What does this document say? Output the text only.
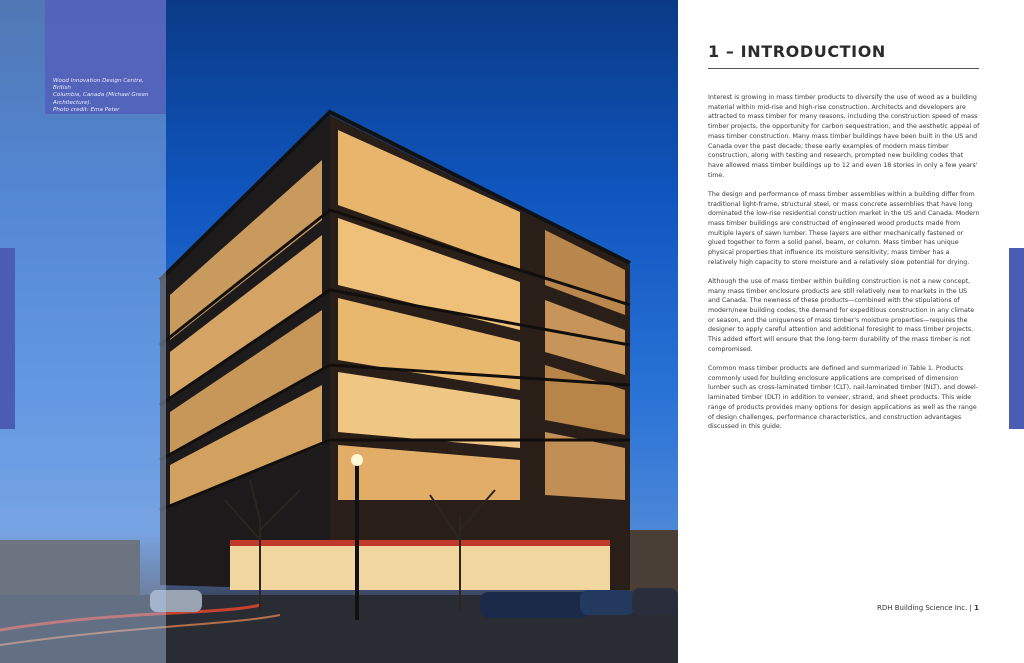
Wood Innovation Design Centre, British
Columbia, Canada (Michael Green
Architecture).
Photo credit: Ema Peter

1 – INTRODUCTION

Interest is growing in mass timber products to diversify the use of wood as a building material within mid-rise and high-rise construction. Architects and developers are attracted to mass timber for many reasons, including the construction speed of mass timber projects, the opportunity for carbon sequestration, and the aesthetic appeal of mass timber construction. Many mass timber buildings have been built in the US and Canada over the past decade; these early examples of modern mass timber construction, along with testing and research, prompted new building codes that have allowed mass timber buildings up to 12 and even 18 stories in only a few years' time.

The design and performance of mass timber assemblies within a building differ from traditional light-frame, structural steel, or mass concrete assemblies that have long dominated the low-rise residential construction market in the US and Canada. Modern mass timber buildings are constructed of engineered wood products made from multiple layers of sawn lumber. These layers are either mechanically fastened or glued together to form a solid panel, beam, or column. Mass timber has unique physical properties that influence its moisture sensitivity; mass timber has a relatively high capacity to store moisture and a relatively slow potential for drying.

Although the use of mass timber within building construction is not a new concept, many mass timber enclosure products are still relatively new to markets in the US and Canada. The newness of these products—combined with the stipulations of modern/new building codes, the demand for expeditious construction in any climate or season, and the uniqueness of mass timber's moisture properties—requires the designer to apply careful attention and additional foresight to mass timber projects. This added effort will ensure that the long-term durability of the mass timber is not compromised.

Common mass timber products are defined and summarized in Table 1. Products commonly used for building enclosure applications are comprised of dimension lumber such as cross-laminated timber (CLT), nail-laminated timber (NLT), and dowel-laminated timber (DLT) in addition to veneer, strand, and sheet products. This wide range of products provides many options for design applications as well as the range of design challenges, performance characteristics, and construction advantages discussed in this guide.

RDH Building Science Inc. | 1
